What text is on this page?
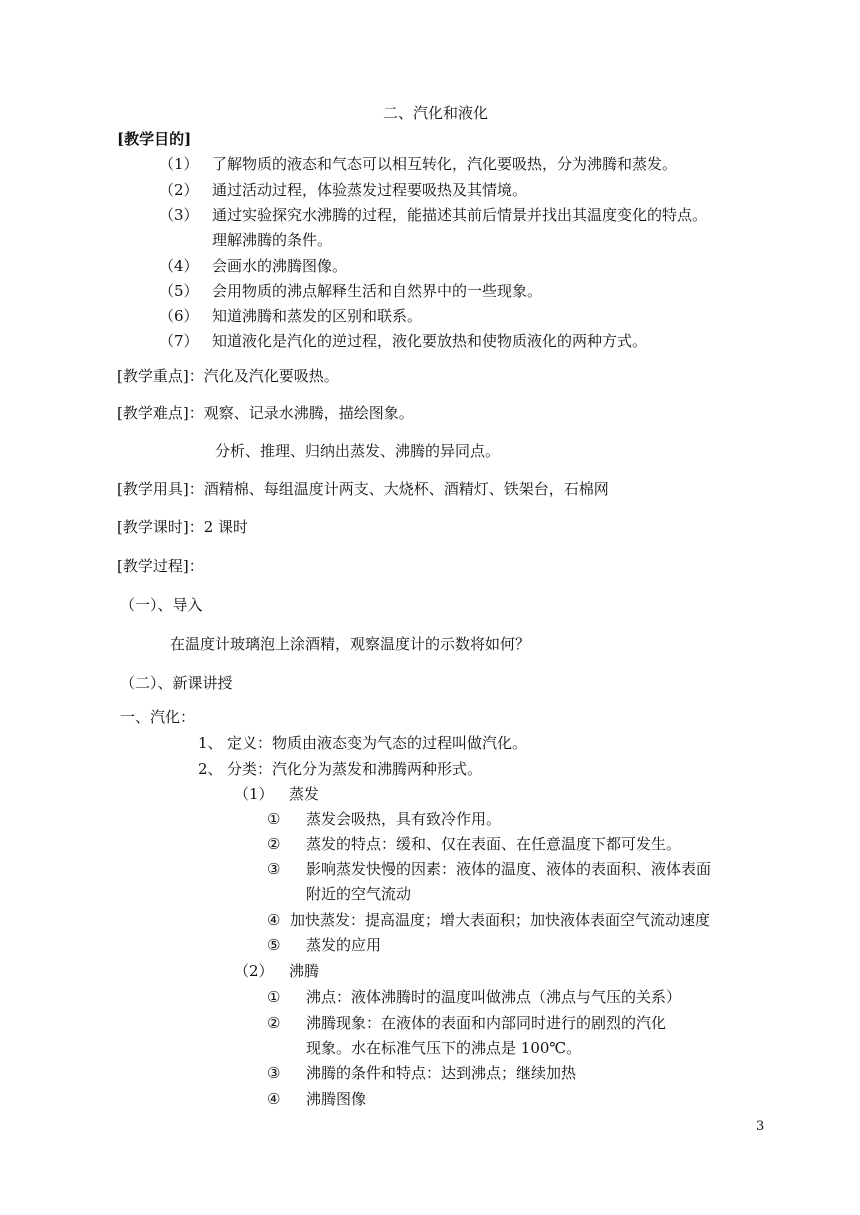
二、汽化和液化
[教学目的]
（1） 了解物质的液态和气态可以相互转化，汽化要吸热，分为沸腾和蒸发。
（2） 通过活动过程，体验蒸发过程要吸热及其情境。
（3） 通过实验探究水沸腾的过程，能描述其前后情景并找出其温度变化的特点。
理解沸腾的条件。
（4） 会画水的沸腾图像。
（5） 会用物质的沸点解释生活和自然界中的一些现象。
（6） 知道沸腾和蒸发的区别和联系。
（7） 知道液化是汽化的逆过程，液化要放热和使物质液化的两种方式。
[教学重点]：汽化及汽化要吸热。
[教学难点]：观察、记录水沸腾，描绘图象。
分析、推理、归纳出蒸发、沸腾的异同点。
[教学用具]：酒精棉、每组温度计两支、大烧杯、酒精灯、铁架台，石棉网
[教学课时]：2 课时
[教学过程]：
（一）、导入
在温度计玻璃泡上涂酒精，观察温度计的示数将如何？
（二）、新课讲授
一、汽化：
1、 定义：物质由液态变为气态的过程叫做汽化。
2、 分类：汽化分为蒸发和沸腾两种形式。
（1） 蒸发
① 蒸发会吸热，具有致冷作用。
② 蒸发的特点：缓和、仅在表面、在任意温度下都可发生。
③ 影响蒸发快慢的因素：液体的温度、液体的表面积、液体表面
附近的空气流动
④ 加快蒸发：提高温度；增大表面积；加快液体表面空气流动速度
⑤ 蒸发的应用
（2） 沸腾
① 沸点：液体沸腾时的温度叫做沸点（沸点与气压的关系）
② 沸腾现象：在液体的表面和内部同时进行的剧烈的汽化
现象。水在标准气压下的沸点是 100℃。
③ 沸腾的条件和特点：达到沸点；继续加热
④ 沸腾图像
3
